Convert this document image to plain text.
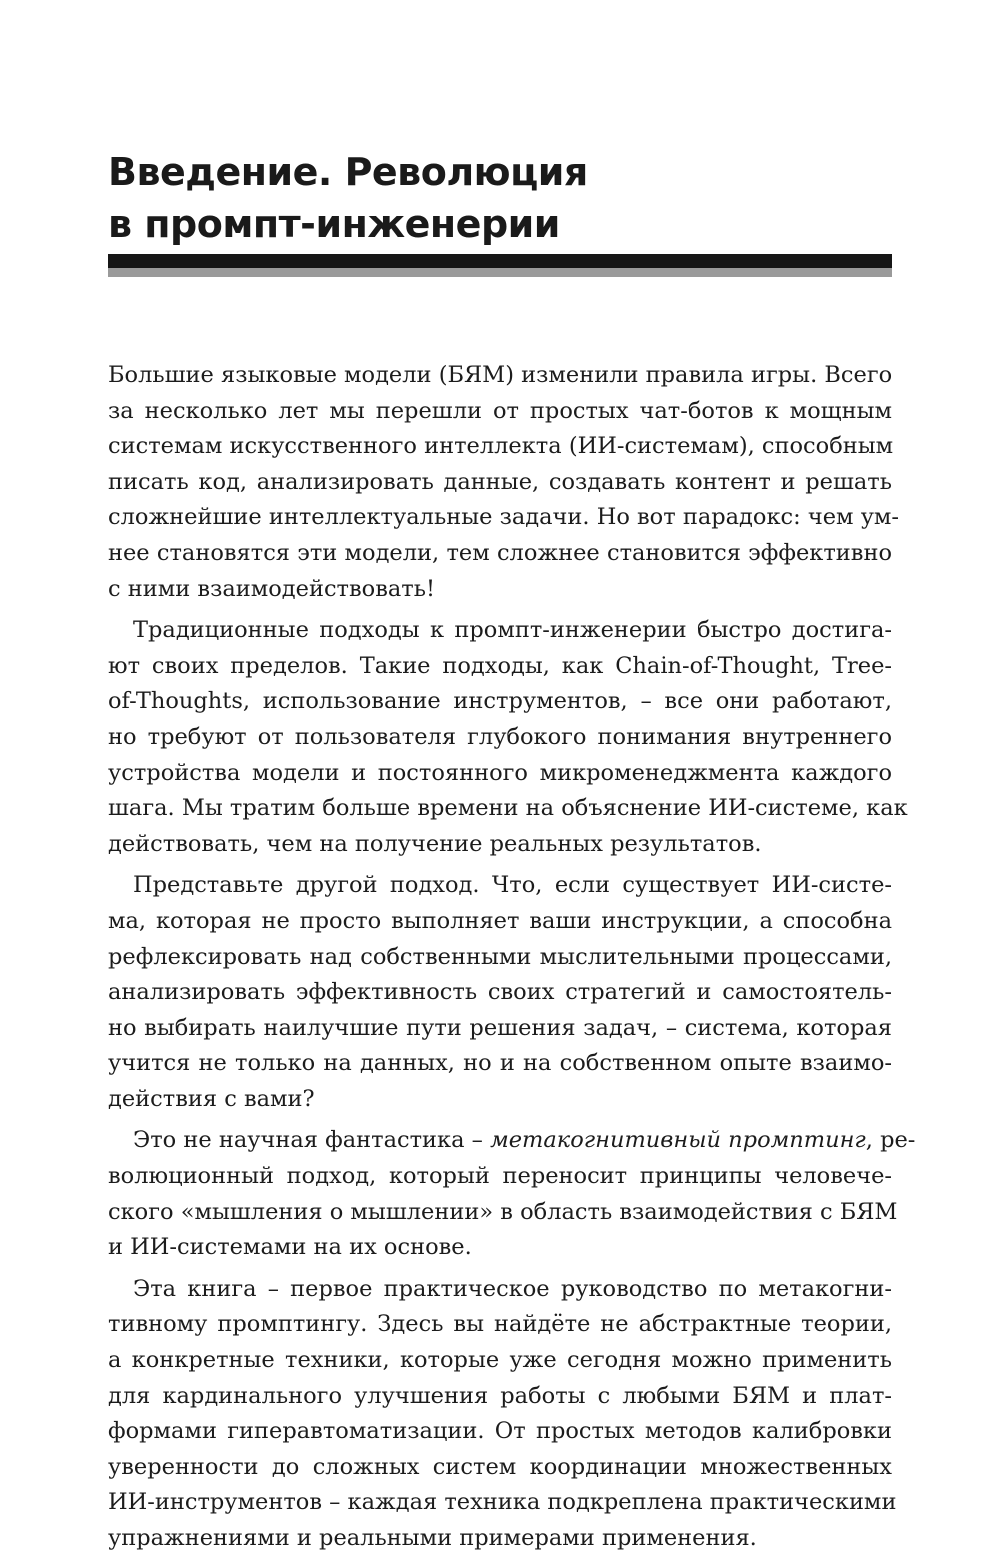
Введение. Революция
в промпт-инженерии
Большие языковые модели (БЯМ) изменили правила игры. Всего
за несколько лет мы перешли от простых чат-ботов к мощным
системам искусственного интеллекта (ИИ-системам), способным
писать код, анализировать данные, создавать контент и решать
сложнейшие интеллектуальные задачи. Но вот парадокс: чем ум-
нее становятся эти модели, тем сложнее становится эффективно
с ними взаимодействовать!
Традиционные подходы к промпт-инженерии быстро достига-
ют своих пределов. Такие подходы, как Chain-of-Thought, Tree-
of-Thoughts, использование инструментов, – все они работают,
но требуют от пользователя глубокого понимания внутреннего
устройства модели и постоянного микроменеджмента каждого
шага. Мы тратим больше времени на объяснение ИИ-системе, как
действовать, чем на получение реальных результатов.
Представьте другой подход. Что, если существует ИИ-систе-
ма, которая не просто выполняет ваши инструкции, а способна
рефлексировать над собственными мыслительными процессами,
анализировать эффективность своих стратегий и самостоятель-
но выбирать наилучшие пути решения задач, – система, которая
учится не только на данных, но и на собственном опыте взаимо-
действия с вами?
Это не научная фантастика – метакогнитивный промптинг, ре-
волюционный подход, который переносит принципы человече-
ского «мышления о мышлении» в область взаимодействия с БЯМ
и ИИ-системами на их основе.
Эта книга – первое практическое руководство по метакогни-
тивному промптингу. Здесь вы найдёте не абстрактные теории,
а конкретные техники, которые уже сегодня можно применить
для кардинального улучшения работы с любыми БЯМ и плат-
формами гиперавтоматизации. От простых методов калибровки
уверенности до сложных систем координации множественных
ИИ-инструментов – каждая техника подкреплена практическими
упражнениями и реальными примерами применения.
